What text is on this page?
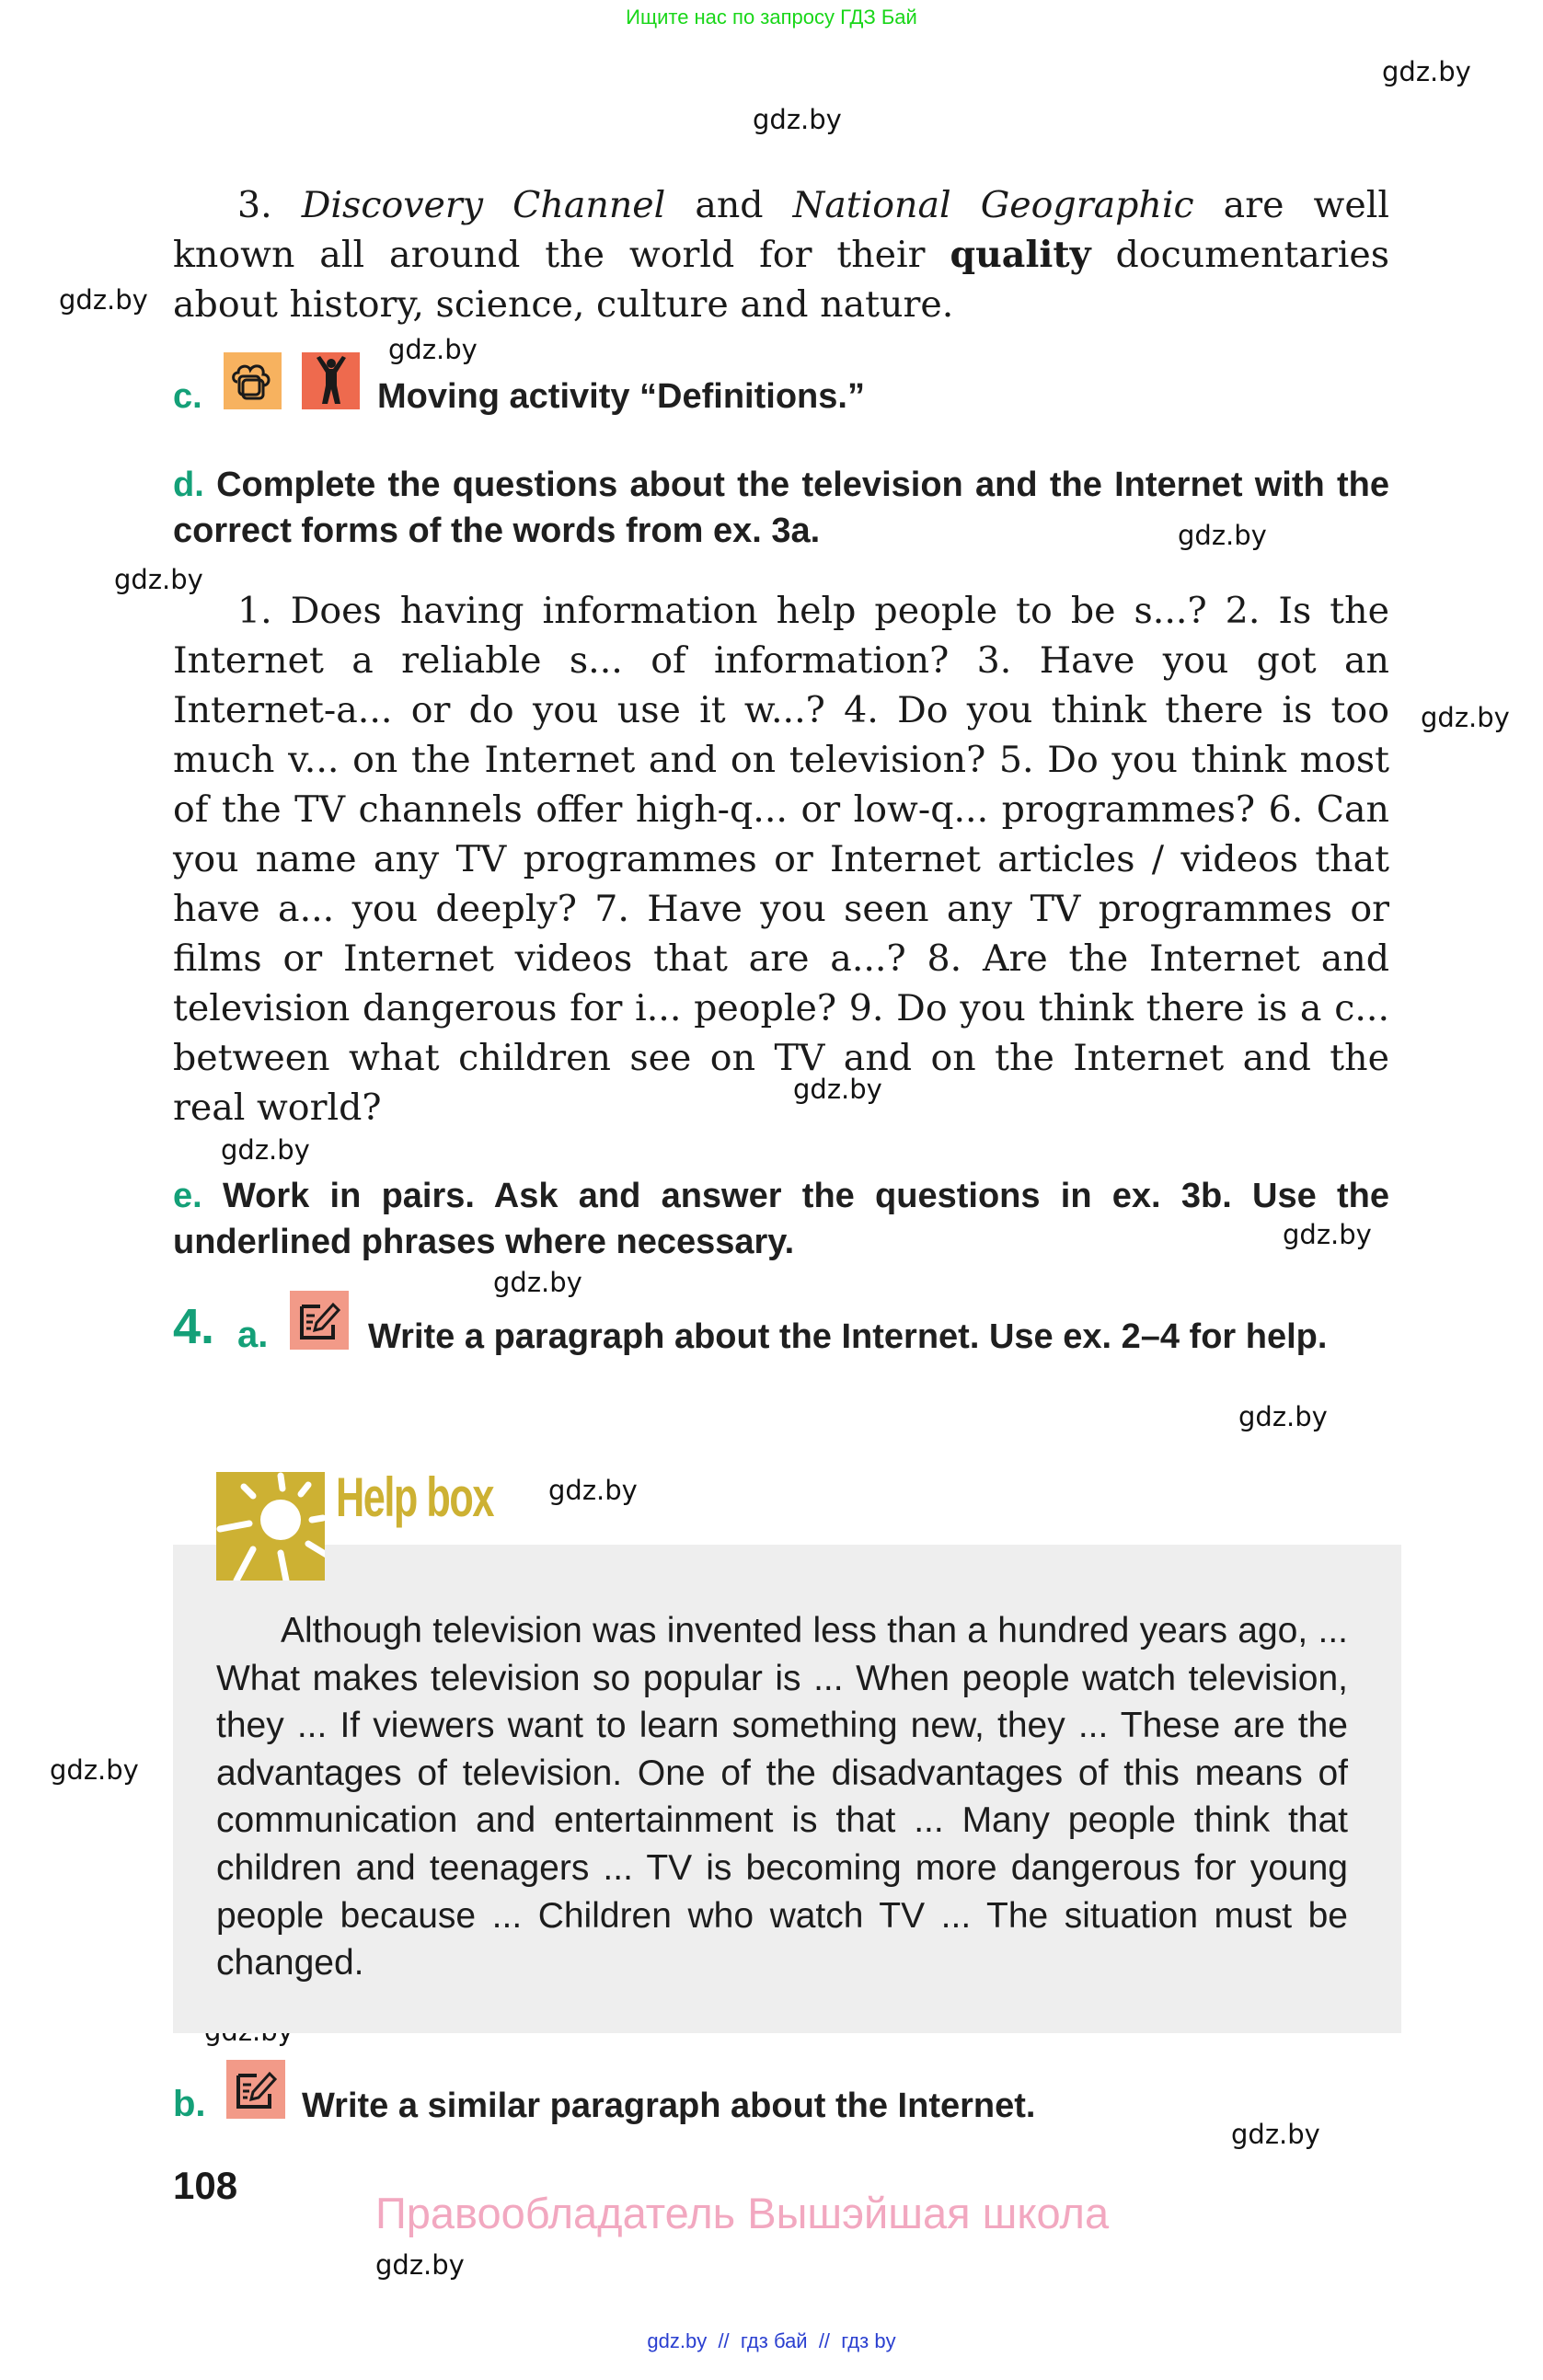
Ищите нас по запросу ГДЗ Бай
gdz.by
gdz.by
gdz.by
gdz.by
gdz.by
gdz.by
gdz.by
gdz.by
gdz.by
gdz.by
gdz.by
gdz.by
gdz.by
gdz.by
gdz.by
gdz.by
3. Discovery Channel and National Geographic are well known all around the world for their quality documentaries about history, science, culture and nature.
c.	Moving activity “Definitions.”
d. Complete the questions about the television and the Internet with the correct forms of the words from ex. 3a.
1. Does having information help people to be s...? 2. Is the Internet a reliable s... of information? 3. Have you got an Internet-a... or do you use it w...? 4. Do you think there is too much v... on the Internet and on television? 5. Do you think most of the TV channels offer high-q... or low-q... programmes? 6. Can you name any TV programmes or Internet articles / videos that have a... you deeply? 7. Have you seen any TV programmes or films or Internet videos that are a...? 8. Are the Internet and television dangerous for i... people? 9. Do you think there is a c... between what children see on TV and on the Internet and the real world?
e. Work in pairs. Ask and answer the questions in ex. 3b. Use the underlined phrases where necessary.
4. a.	Write a paragraph about the Internet. Use ex. 2–4 for help.
Help box
Although television was invented less than a hundred years ago, ... What makes television so popular is ... When people watch television, they ... If viewers want to learn something new, they ... These are the advantages of television. One of the disadvantages of this means of communication and entertainment is that ... Many people think that children and teenagers ... TV is becoming more dangerous for young people because ... Children who watch TV ... The situation must be changed.
b.	Write a similar paragraph about the Internet.
108
Правообладатель Вышэйшая школа
gdz.by  //  гдз бай  //  гдз by
